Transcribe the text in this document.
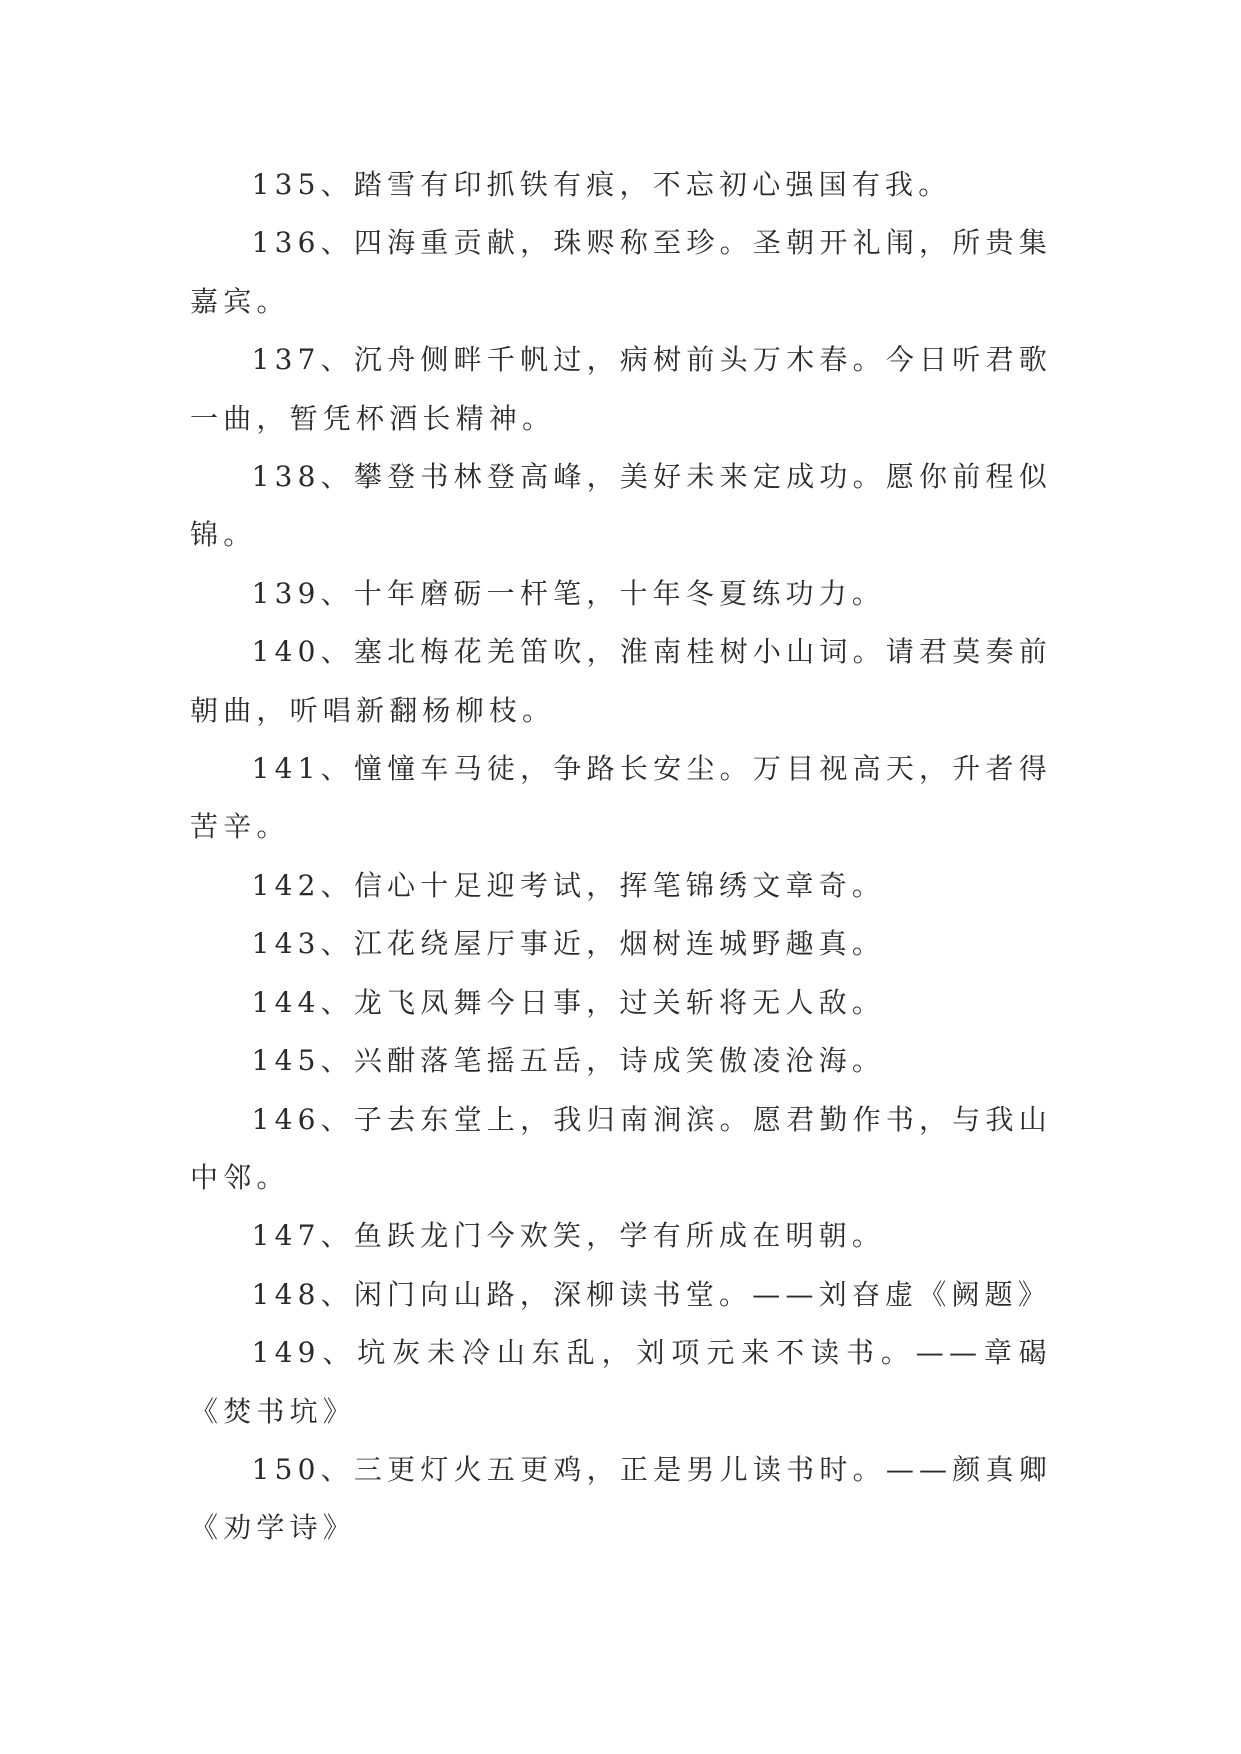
135、踏雪有印抓铁有痕，不忘初心强国有我。

136、四海重贡献，珠赆称至珍。圣朝开礼闱，所贵集嘉宾。

137、沉舟侧畔千帆过，病树前头万木春。今日听君歌一曲，暂凭杯酒长精神。

138、攀登书林登高峰，美好未来定成功。愿你前程似锦。

139、十年磨砺一杆笔，十年冬夏练功力。

140、塞北梅花羌笛吹，淮南桂树小山词。请君莫奏前朝曲，听唱新翻杨柳枝。

141、憧憧车马徒，争路长安尘。万目视高天，升者得苦辛。

142、信心十足迎考试，挥笔锦绣文章奇。

143、江花绕屋厅事近，烟树连城野趣真。

144、龙飞凤舞今日事，过关斩将无人敌。

145、兴酣落笔摇五岳，诗成笑傲凌沧海。

146、子去东堂上，我归南涧滨。愿君勤作书，与我山中邻。

147、鱼跃龙门今欢笑，学有所成在明朝。

148、闲门向山路，深柳读书堂。——刘昚虚《阙题》

149、坑灰未冷山东乱，刘项元来不读书。——章碣《焚书坑》

150、三更灯火五更鸡，正是男儿读书时。——颜真卿《劝学诗》
